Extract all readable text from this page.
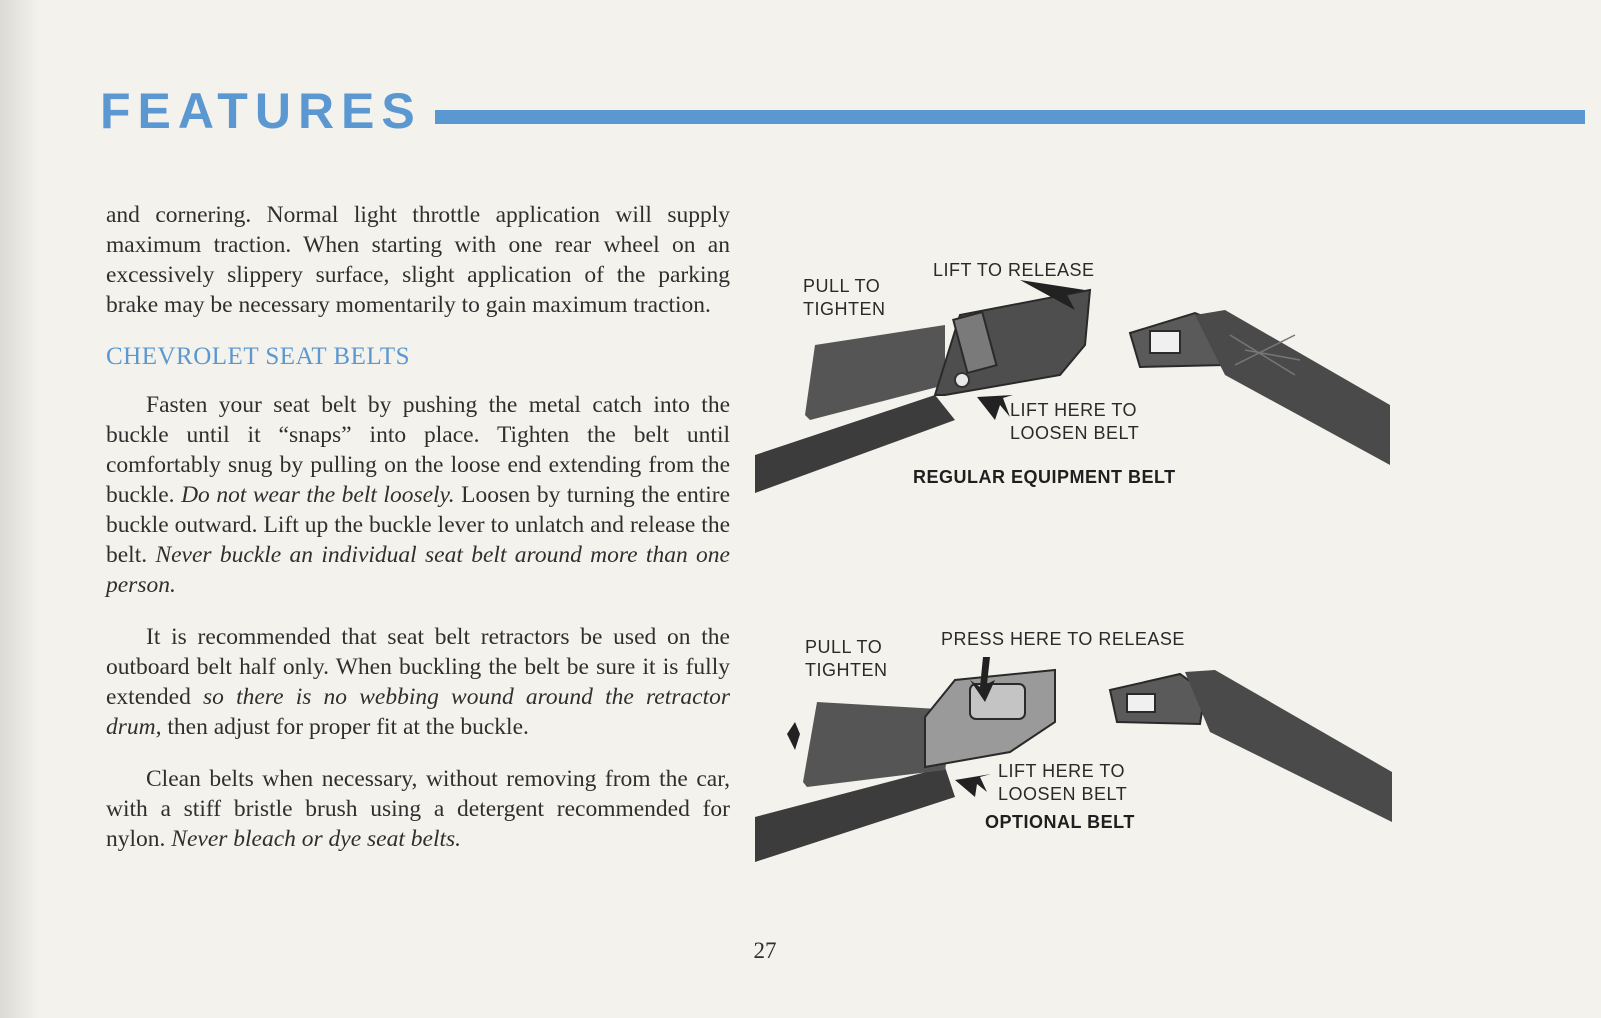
FEATURES

and cornering. Normal light throttle application will supply maximum traction. When starting with one rear wheel on an excessively slippery surface, slight application of the parking brake may be necessary momentarily to gain maximum traction.

CHEVROLET SEAT BELTS

Fasten your seat belt by pushing the metal catch into the buckle until it “snaps” into place. Tighten the belt until comfortably snug by pulling on the loose end extending from the buckle. Do not wear the belt loosely. Loosen by turning the entire buckle outward. Lift up the buckle lever to unlatch and release the belt. Never buckle an individual seat belt around more than one person.

It is recommended that seat belt retractors be used on the outboard belt half only. When buckling the belt be sure it is fully extended so there is no webbing wound around the retractor drum, then adjust for proper fit at the buckle.

Clean belts when necessary, without removing from the car, with a stiff bristle brush using a detergent recommended for nylon. Never bleach or dye seat belts.

PULL TO
TIGHTEN
LIFT TO RELEASE
LIFT HERE TO
LOOSEN BELT
REGULAR EQUIPMENT BELT
PULL TO
TIGHTEN
PRESS HERE TO RELEASE
LIFT HERE TO
LOOSEN BELT
OPTIONAL BELT
27
